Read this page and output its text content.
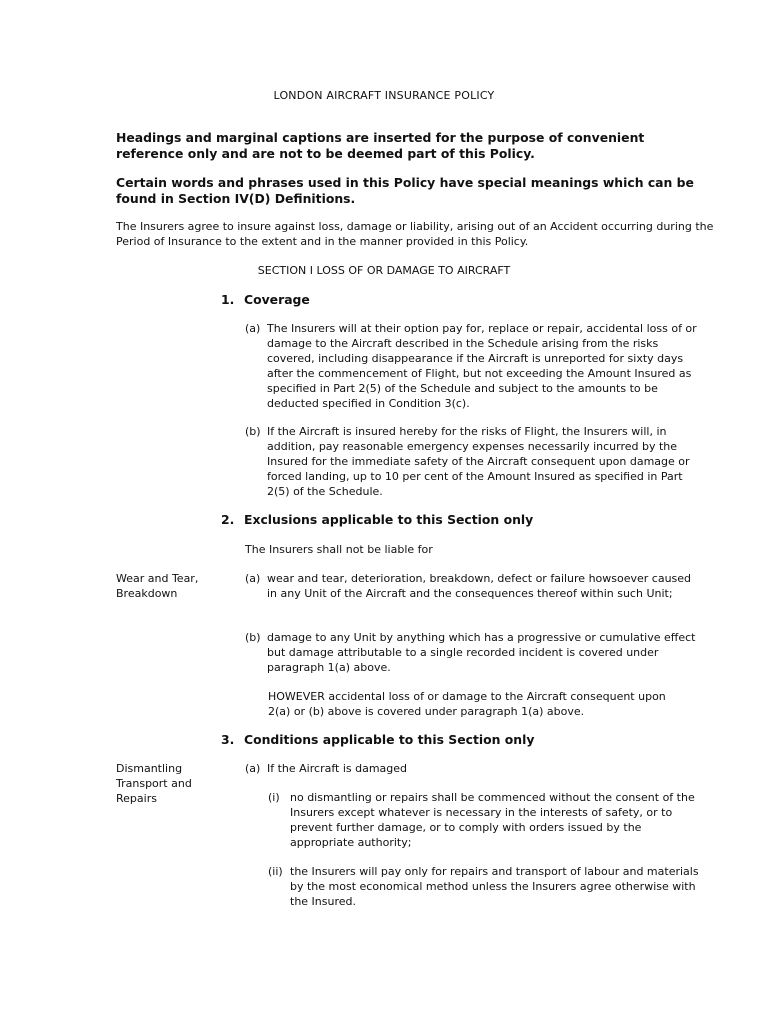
LONDON AIRCRAFT INSURANCE POLICY
Headings and marginal captions are inserted for the purpose of convenient reference only and are not to be deemed part of this Policy.
Certain words and phrases used in this Policy have special meanings which can be found in Section IV(D) Definitions.
The Insurers agree to insure against loss, damage or liability, arising out of an Accident occurring during the Period of Insurance to the extent and in the manner provided in this Policy.
SECTION I LOSS OF OR DAMAGE TO AIRCRAFT
1. Coverage
(a) The Insurers will at their option pay for, replace or repair, accidental loss of or damage to the Aircraft described in the Schedule arising from the risks covered, including disappearance if the Aircraft is unreported for sixty days after the commencement of Flight, but not exceeding the Amount Insured as specified in Part 2(5) of the Schedule and subject to the amounts to be deducted specified in Condition 3(c).
(b) If the Aircraft is insured hereby for the risks of Flight, the Insurers will, in addition, pay reasonable emergency expenses necessarily incurred by the Insured for the immediate safety of the Aircraft consequent upon damage or forced landing, up to 10 per cent of the Amount Insured as specified in Part 2(5) of the Schedule.
2. Exclusions applicable to this Section only
The Insurers shall not be liable for
Wear and Tear, Breakdown
(a) wear and tear, deterioration, breakdown, defect or failure howsoever caused in any Unit of the Aircraft and the consequences thereof within such Unit;
(b) damage to any Unit by anything which has a progressive or cumulative effect but damage attributable to a single recorded incident is covered under paragraph 1(a) above.
HOWEVER accidental loss of or damage to the Aircraft consequent upon 2(a) or (b) above is covered under paragraph 1(a) above.
3. Conditions applicable to this Section only
Dismantling Transport and Repairs
(a) If the Aircraft is damaged
(i) no dismantling or repairs shall be commenced without the consent of the Insurers except whatever is necessary in the interests of safety, or to prevent further damage, or to comply with orders issued by the appropriate authority;
(ii) the Insurers will pay only for repairs and transport of labour and materials by the most economical method unless the Insurers agree otherwise with the Insured.
